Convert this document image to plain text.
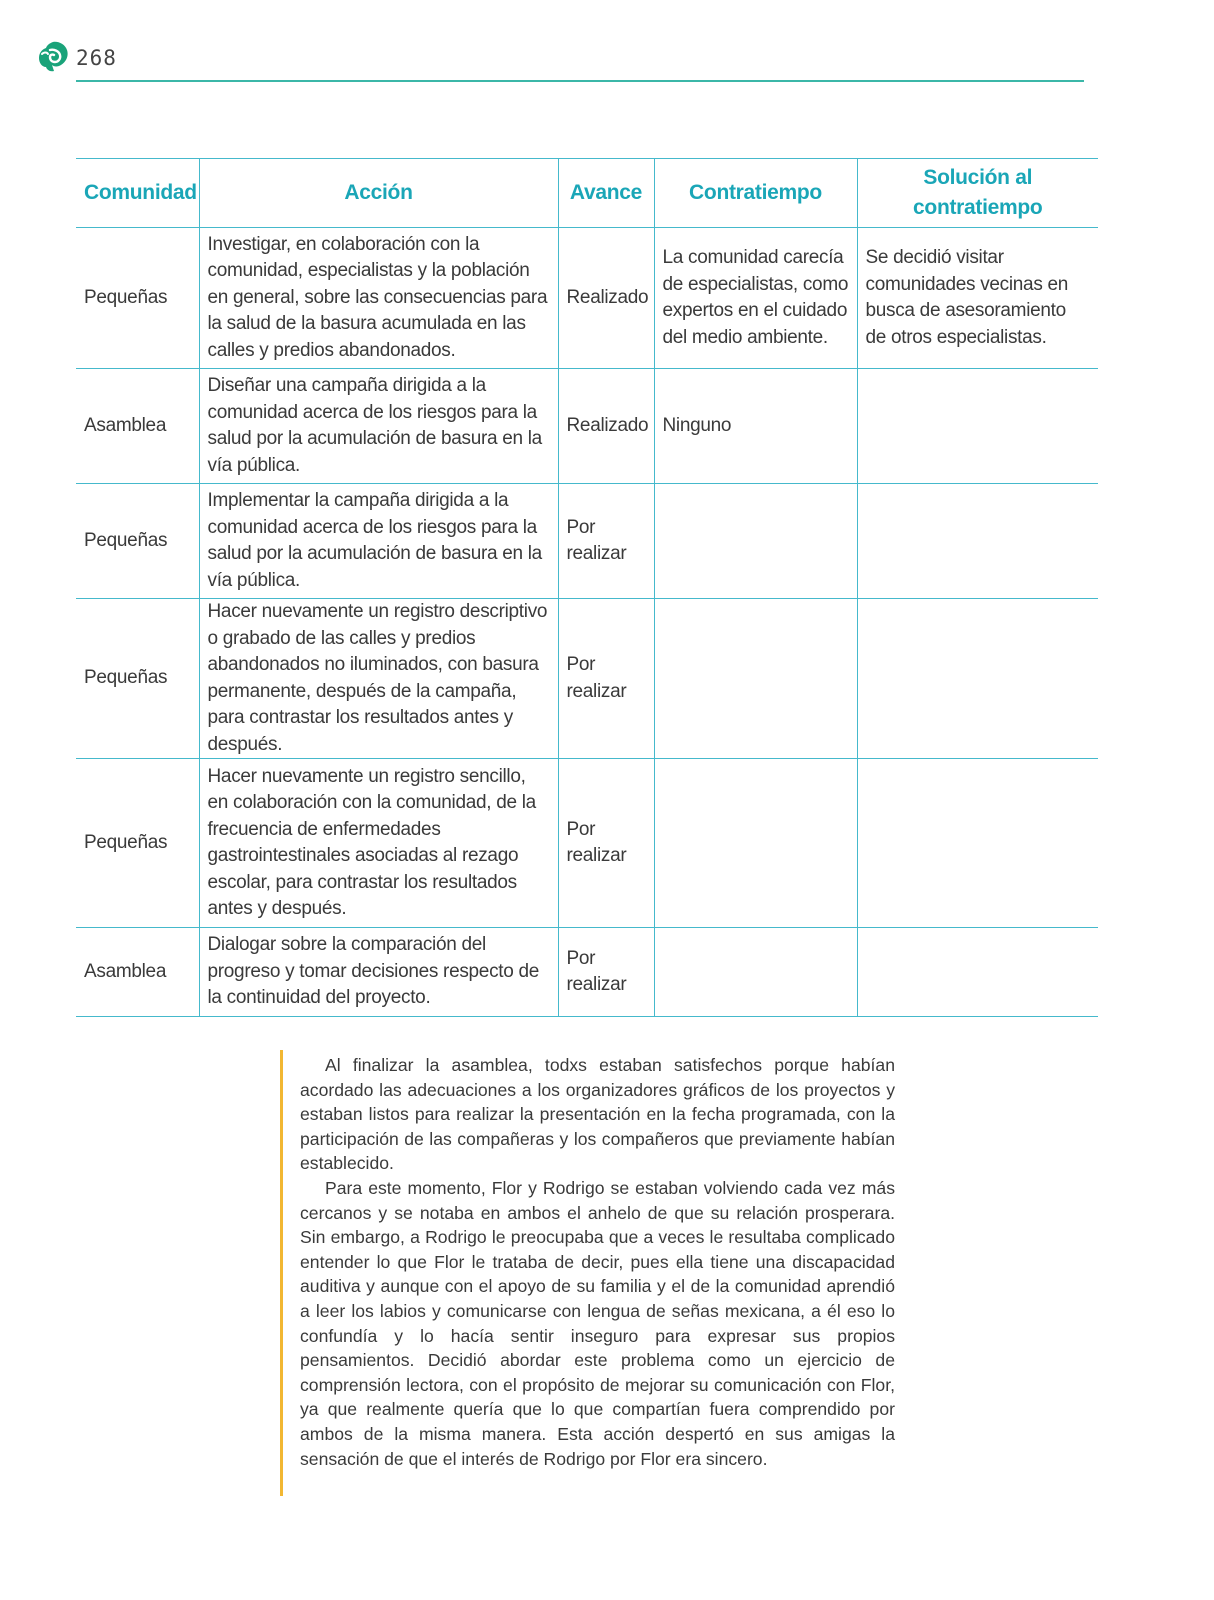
268
Comunidad	Acción	Avance	Contratiempo	Solución al contratiempo
Pequeñas	Investigar, en colaboración con la comunidad, especialistas y la población en general, sobre las consecuencias para la salud de la basura acumulada en las calles y predios abandonados.	Realizado	La comunidad carecía de especialistas, como expertos en el cuidado del medio ambiente.	Se decidió visitar comunidades vecinas en busca de asesoramiento de otros especialistas.
Asamblea	Diseñar una campaña dirigida a la comunidad acerca de los riesgos para la salud por la acumulación de basura en la vía pública.	Realizado	Ninguno	
Pequeñas	Implementar la campaña dirigida a la comunidad acerca de los riesgos para la salud por la acumulación de basura en la vía pública.	Por realizar		
Pequeñas	Hacer nuevamente un registro descriptivo o grabado de las calles y predios abandonados no iluminados, con basura permanente, después de la campaña, para contrastar los resultados antes y después.	Por realizar		
Pequeñas	Hacer nuevamente un registro sencillo, en colaboración con la comunidad, de la frecuencia de enfermedades gastrointestinales asociadas al rezago escolar, para contrastar los resultados antes y después.	Por realizar		
Asamblea	Dialogar sobre la comparación del progreso y tomar decisiones respecto de la continuidad del proyecto.	Por realizar		

Al finalizar la asamblea, todxs estaban satisfechos porque habían acordado las adecuaciones a los organizadores gráficos de los proyectos y estaban listos para realizar la presentación en la fecha programada, con la participación de las compañeras y los compañeros que previamente habían establecido.

Para este momento, Flor y Rodrigo se estaban volviendo cada vez más cercanos y se notaba en ambos el anhelo de que su relación prosperara. Sin embargo, a Rodrigo le preocupaba que a veces le resultaba complicado entender lo que Flor le trataba de decir, pues ella tiene una discapacidad auditiva y aunque con el apoyo de su familia y el de la comunidad aprendió a leer los labios y comunicarse con lengua de señas mexicana, a él eso lo confundía y lo hacía sentir inseguro para expresar sus propios pensamientos. Decidió abordar este problema como un ejercicio de comprensión lectora, con el propósito de mejorar su comunicación con Flor, ya que realmente quería que lo que compartían fuera comprendido por ambos de la misma manera. Esta acción despertó en sus amigas la sensación de que el interés de Rodrigo por Flor era sincero.
